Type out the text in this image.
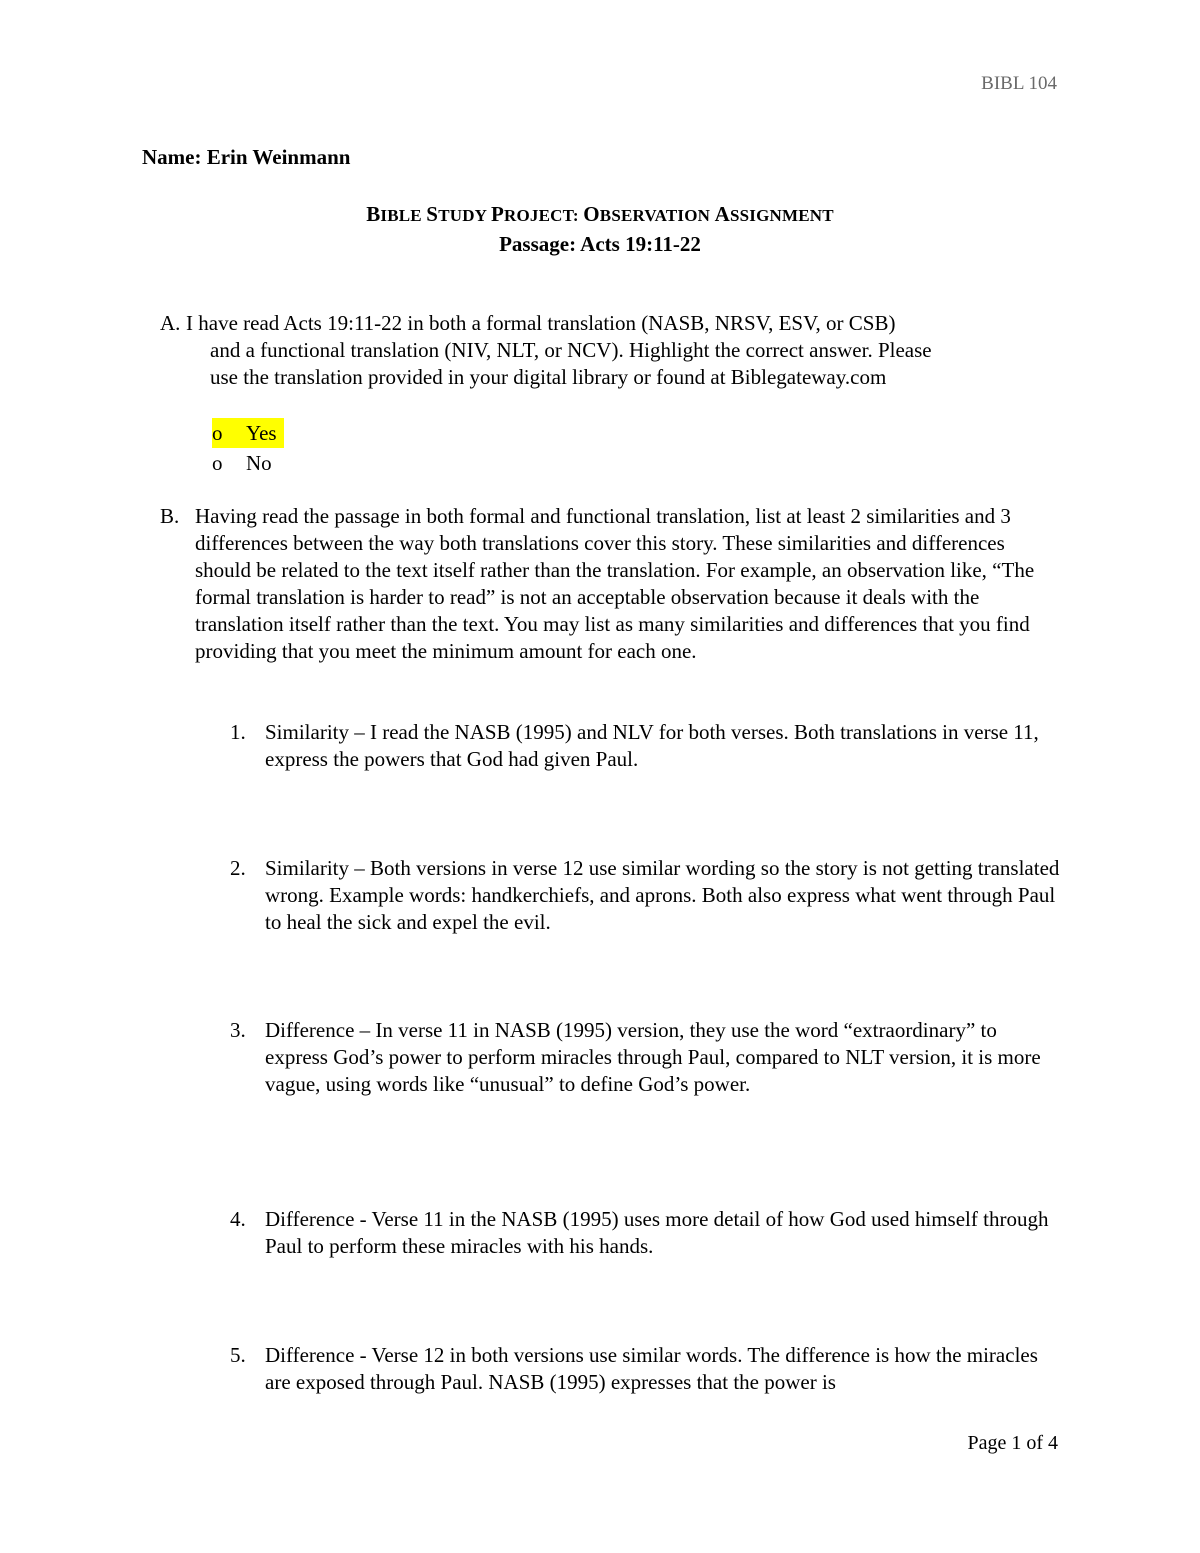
BIBL 104
Name: Erin Weinmann
BIBLE STUDY PROJECT: OBSERVATION ASSIGNMENT
Passage: Acts 19:11-22
A. I have read Acts 19:11-22 in both a formal translation (NASB, NRSV, ESV, or CSB)
and a functional translation (NIV, NLT, or NCV). Highlight the correct answer. Please
use the translation provided in your digital library or found at Biblegateway.com
o	Yes
o	No
B. Having read the passage in both formal and functional translation, list at least 2 similarities and 3 differences between the way both translations cover this story. These similarities and differences should be related to the text itself rather than the translation. For example, an observation like, “The formal translation is harder to read” is not an acceptable observation because it deals with the translation itself rather than the text. You may list as many similarities and differences that you find providing that you meet the minimum amount for each one.
1. Similarity – I read the NASB (1995) and NLV for both verses. Both translations in verse 11, express the powers that God had given Paul.
2. Similarity – Both versions in verse 12 use similar wording so the story is not getting translated wrong. Example words: handkerchiefs, and aprons. Both also express what went through Paul to heal the sick and expel the evil.
3. Difference – In verse 11 in NASB (1995) version, they use the word “extraordinary” to express God’s power to perform miracles through Paul, compared to NLT version, it is more vague, using words like “unusual” to define God’s power.
4. Difference - Verse 11 in the NASB (1995) uses more detail of how God used himself through Paul to perform these miracles with his hands.
5. Difference - Verse 12 in both versions use similar words. The difference is how the miracles are exposed through Paul. NASB (1995) expresses that the power is
Page 1 of 4
